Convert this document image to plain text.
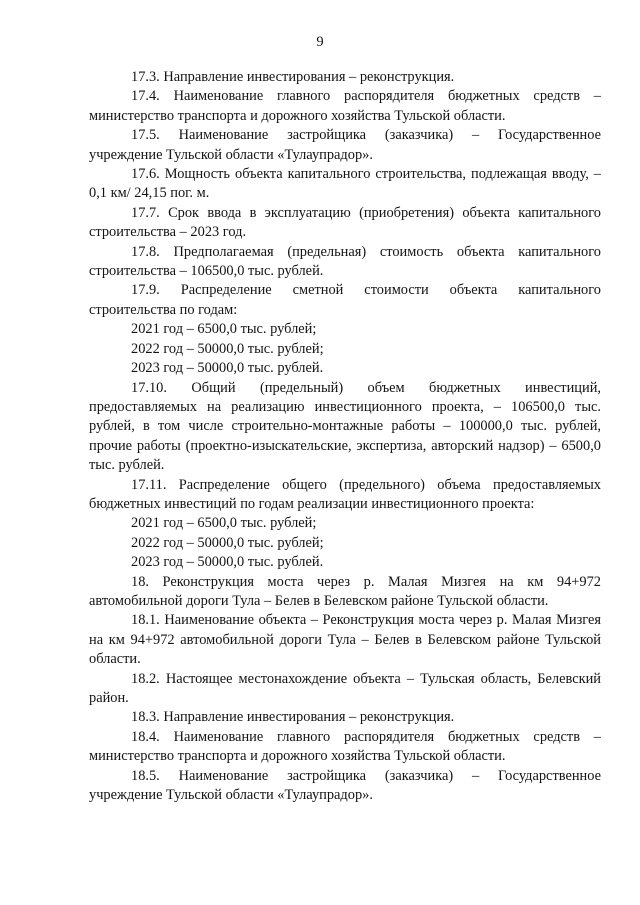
9

17.3. Направление инвестирования – реконструкция.

17.4. Наименование главного распорядителя бюджетных средств – министерство транспорта и дорожного хозяйства Тульской области.

17.5. Наименование застройщика (заказчика) – Государственное учреждение Тульской области «Тулаупрадор».

17.6. Мощность объекта капитального строительства, подлежащая вводу, – 0,1 км/ 24,15 пог. м.

17.7. Срок ввода в эксплуатацию (приобретения) объекта капитального строительства – 2023 год.

17.8. Предполагаемая (предельная) стоимость объекта капитального строительства – 106500,0 тыс. рублей.

17.9. Распределение сметной стоимости объекта капитального строительства по годам:

2021 год – 6500,0 тыс. рублей;

2022 год – 50000,0 тыс. рублей;

2023 год – 50000,0 тыс. рублей.

17.10. Общий (предельный) объем бюджетных инвестиций, предоставляемых на реализацию инвестиционного проекта, – 106500,0 тыс. рублей, в том числе строительно-монтажные работы – 100000,0 тыс. рублей, прочие работы (проектно-изыскательские, экспертиза, авторский надзор) – 6500,0 тыс. рублей.

17.11. Распределение общего (предельного) объема предоставляемых бюджетных инвестиций по годам реализации инвестиционного проекта:

2021 год – 6500,0 тыс. рублей;

2022 год – 50000,0 тыс. рублей;

2023 год – 50000,0 тыс. рублей.

18. Реконструкция моста через р. Малая Мизгея на км 94+972 автомобильной дороги Тула – Белев в Белевском районе Тульской области.

18.1. Наименование объекта – Реконструкция моста через р. Малая Мизгея на км 94+972 автомобильной дороги Тула – Белев в Белевском районе Тульской области.

18.2. Настоящее местонахождение объекта – Тульская область, Белевский район.

18.3. Направление инвестирования – реконструкция.

18.4. Наименование главного распорядителя бюджетных средств – министерство транспорта и дорожного хозяйства Тульской области.

18.5. Наименование застройщика (заказчика) – Государственное учреждение Тульской области «Тулаупрадор».
